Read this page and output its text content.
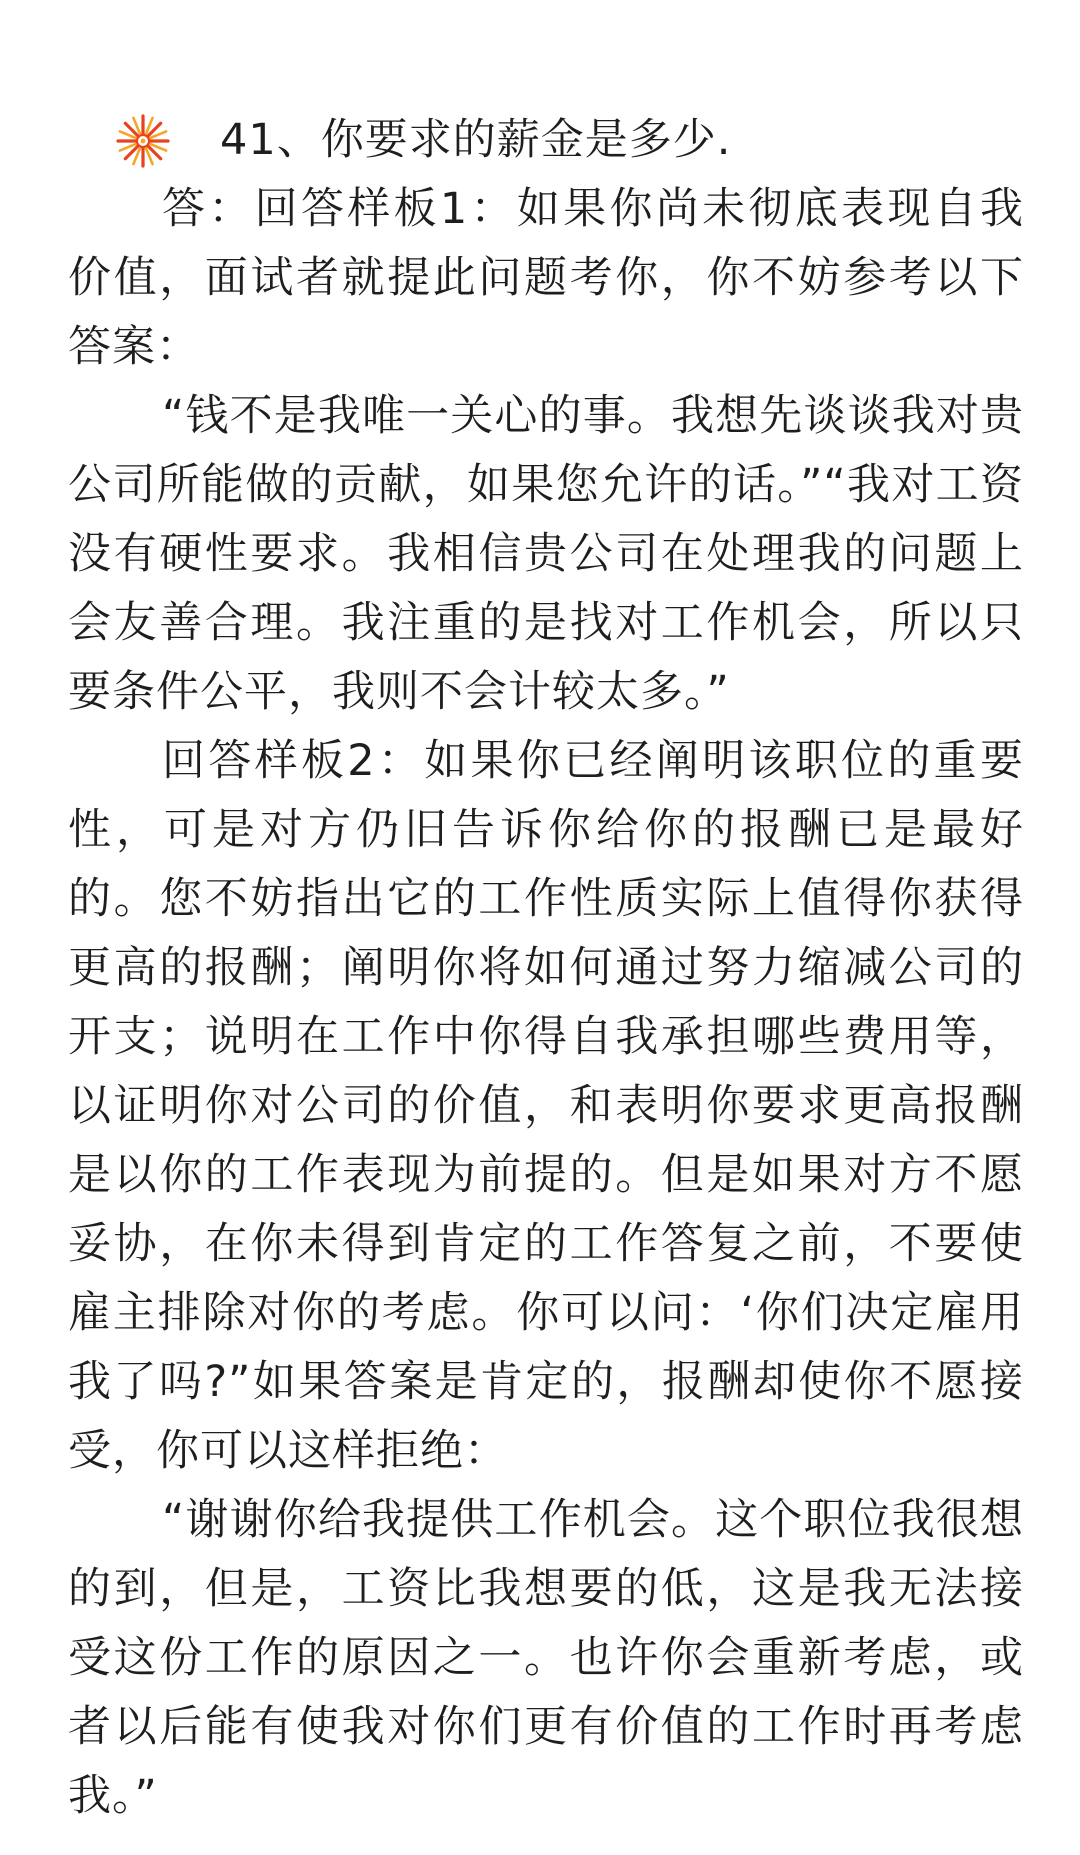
41、你要求的薪金是多少.

答：回答样板1：如果你尚未彻底表现自我价值，面试者就提此问题考你，你不妨参考以下答案：

“钱不是我唯一关心的事。我想先谈谈我对贵公司所能做的贡献，如果您允许的话。”“我对工资没有硬性要求。我相信贵公司在处理我的问题上会友善合理。我注重的是找对工作机会，所以只要条件公平，我则不会计较太多。”

回答样板2：如果你已经阐明该职位的重要性，可是对方仍旧告诉你给你的报酬已是最好的。您不妨指出它的工作性质实际上值得你获得更高的报酬；阐明你将如何通过努力缩减公司的开支；说明在工作中你得自我承担哪些费用等，以证明你对公司的价值，和表明你要求更高报酬是以你的工作表现为前提的。但是如果对方不愿妥协，在你未得到肯定的工作答复之前，不要使雇主排除对你的考虑。你可以问：‘你们决定雇用我了吗?”如果答案是肯定的，报酬却使你不愿接受，你可以这样拒绝：

“谢谢你给我提供工作机会。这个职位我很想的到，但是，工资比我想要的低，这是我无法接受这份工作的原因之一。也许你会重新考虑，或者以后能有使我对你们更有价值的工作时再考虑我。”
